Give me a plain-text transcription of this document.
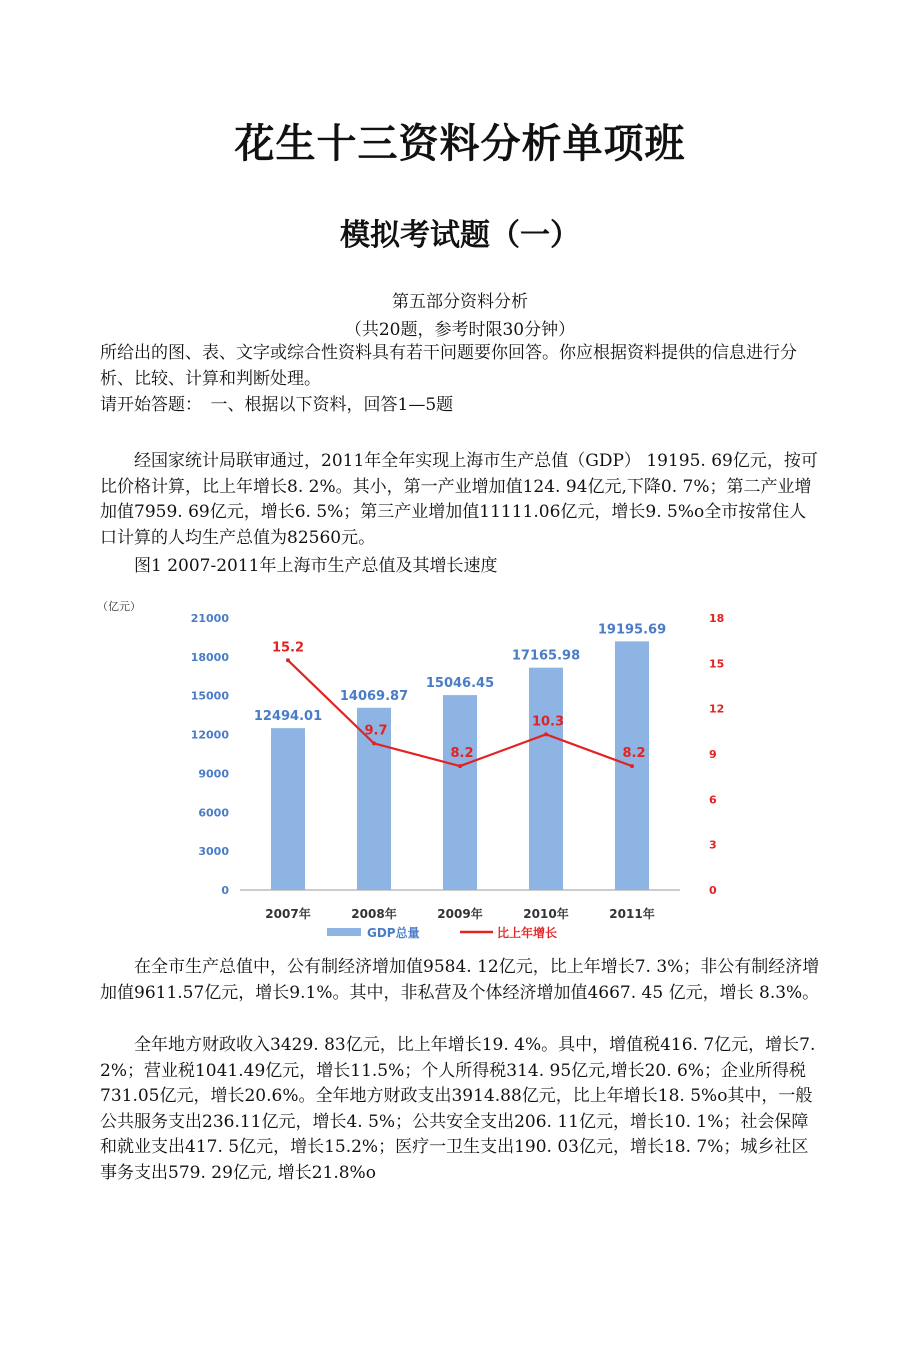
花生十三资料分析单项班
模拟考试题（一）
第五部分资料分析
（共20题，参考时限30分钟）

所给出的图、表、文字或综合性资料具有若干问题要你回答。你应根据资料提供的信息进行分析、比较、计算和判断处理。

请开始答题：　一、根据以下资料，回答1—5题

经国家统计局联审通过，2011年全年实现上海市生产总值（GDP） 19195. 69亿元，按可比价格计算，比上年增长8. 2%。其小，第一产业增加值124. 94亿元,下降0. 7%；第二产业增加值7959. 69亿元，增长6. 5%；第三产业增加值11111.06亿元，增长9. 5%o全市按常住人口计算的人均生产总值为82560元。

图1 2007-2011年上海市生产总值及其增长速度

（亿元）
12494.01
14069.87
15046.45
17165.98
19195.69
15.2
9.7
8.2
10.3
8.2
0
3000
6000
9000
12000
15000
18000
21000
0
3
6
9
12
15
18
2007年	2008年	2009年	2010年	2011年
GDP总量	比上年增长

在全市生产总值中，公有制经济增加值9584. 12亿元，比上年增长7. 3%；非公有制经济增加值9611.57亿元，增长9.1%。其中，非私营及个体经济增加值4667. 45 亿元，增长 8.3%。

全年地方财政收入3429. 83亿元，比上年增长19. 4%。具中，增值税416. 7亿元，增长7. 2%；营业税1041.49亿元，增长11.5%；个人所得税314. 95亿元,增长20. 6%；企业所得税731.05亿元，增长20.6%。全年地方财政支出3914.88亿元，比上年增长18. 5%o其中，一般公共服务支出236.11亿元，增长4. 5%；公共安全支出206. 11亿元，增长10. 1%；社会保障和就业支出417. 5亿元，增长15.2%；医疗一卫生支出190. 03亿元，增长18. 7%；城乡社区事务支出579. 29亿元, 增长21.8%o
